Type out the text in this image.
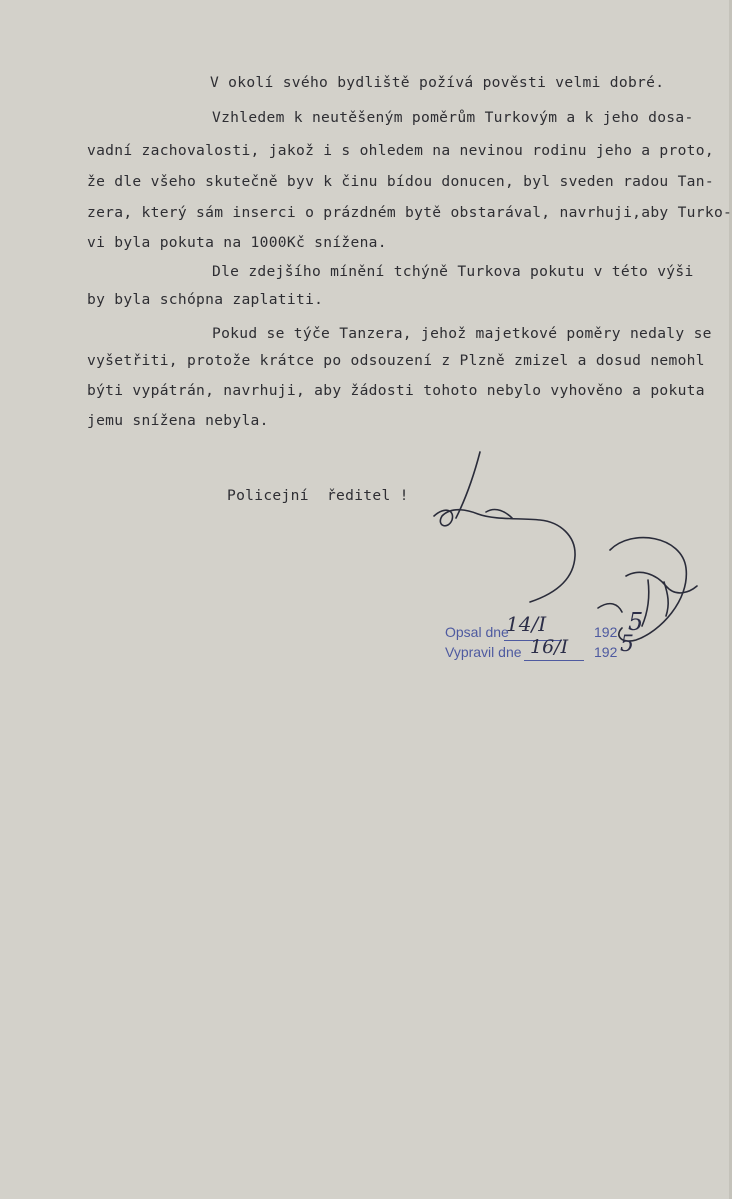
V okolí svého bydliště požívá pověsti velmi dobré.
Vzhledem k neutěšeným poměrům Turkovým a k jeho dosa-
vadní zachovalosti, jakož i s ohledem na nevinou rodinu jeho a proto,
že dle všeho skutečně byv k činu bídou donucen, byl sveden radou Tan-
zera, který sám inserci o prázdném bytě obstarával, navrhuji,aby Turko-
vi byla pokuta na 1000Kč snížena.
Dle zdejšího mínění tchýně Turkova pokutu v této výši
by byla schópna zaplatiti.
Pokud se týče Tanzera, jehož majetkové poměry nedaly se
vyšetřiti, protože krátce po odsouzení z Plzně zmizel a dosud nemohl
býti vypátrán, navrhuji, aby žádosti tohoto nebylo vyhověno a pokuta
jemu snížena nebyla.
Policejní  ředitel !
Opsal dne
14/I	192 5
Vypravil dne 16/I 192 5
